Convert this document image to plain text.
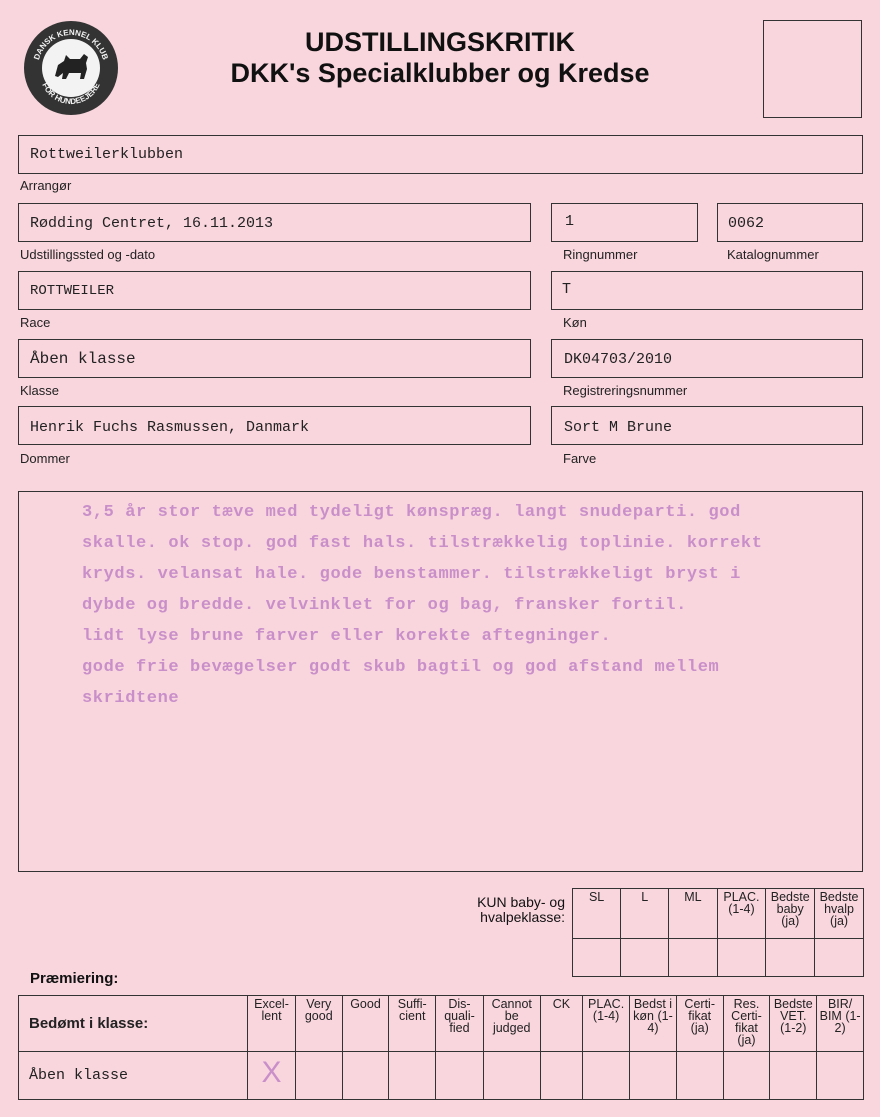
DANSK KENNEL KLUB
FOR HUNDEEJERE
UDSTILLINGSKRITIK
DKK's Specialklubber og Kredse
Rottweilerklubben
Arrangør
Rødding Centret, 16.11.2013
Udstillingssted og -dato
1
Ringnummer
0062
Katalognummer
ROTTWEILER
Race
T
Køn
Åben klasse
Klasse
DK04703/2010
Registreringsnummer
Henrik Fuchs Rasmussen, Danmark
Dommer
Sort M Brune
Farve
3,5 år stor tæve med tydeligt kønspræg. langt snudeparti. god
skalle. ok stop. god fast hals. tilstrækkelig toplinie. korrekt
kryds. velansat hale. gode benstammer. tilstrækkeligt bryst i
dybde og bredde. velvinklet for og bag, fransker fortil.
lidt lyse brune farver eller korekte aftegninger.
gode frie bevægelser godt skub bagtil og god afstand mellem
skridtene
KUN baby- og hvalpeklasse:
SL	L	ML	PLAC. (1-4)	Bedste baby (ja)	Bedste hvalp (ja)

Præmiering:
Bedømt i klasse:	Excel-lent	Very good	Good	Suffi-cient	Dis-quali-fied	Cannot be judged	CK	PLAC. (1-4)	Bedst i køn (1-4)	Certi-fikat (ja)	Res. Certi-fikat (ja)	Bedste VET. (1-2)	BIR/ BIM (1-2)
Åben klasse	X												
